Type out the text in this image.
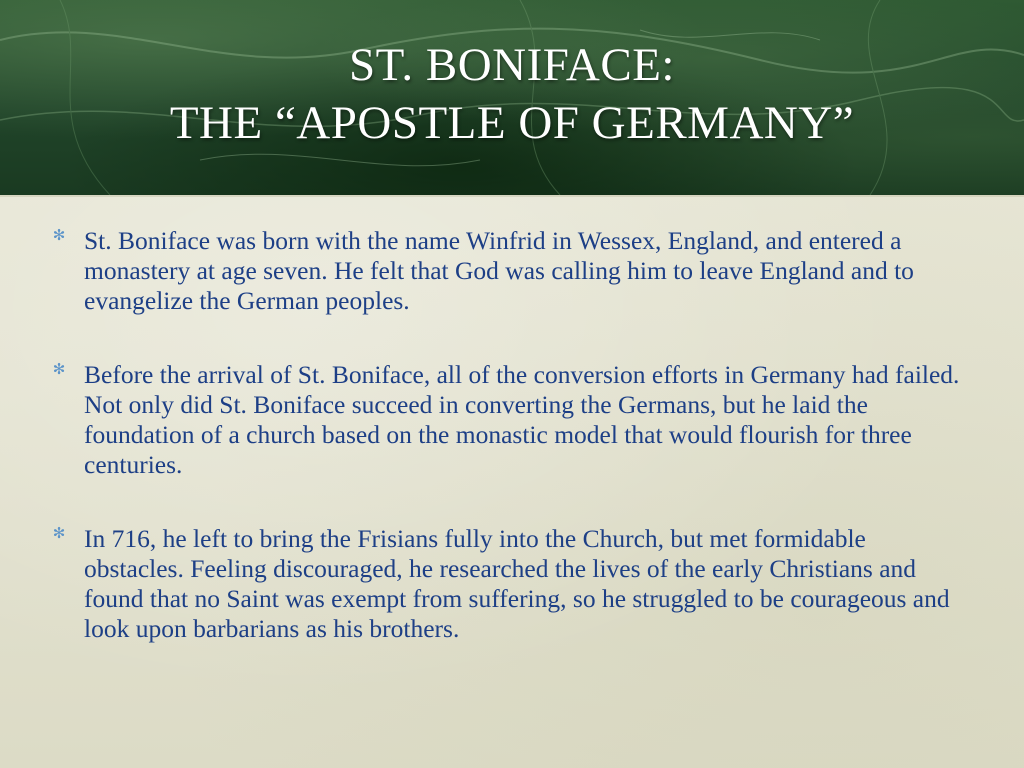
ST. BONIFACE:
THE “APOSTLE OF GERMANY”
✻ St. Boniface was born with the name Winfrid in Wessex, England, and entered a monastery at age seven. He felt that God was calling him to leave England and to evangelize the German peoples.
✻ Before the arrival of St. Boniface, all of the conversion efforts in Germany had failed. Not only did St. Boniface succeed in converting the Germans, but he laid the foundation of a church based on the monastic model that would flourish for three centuries.
✻ In 716, he left to bring the Frisians fully into the Church, but met formidable obstacles. Feeling discouraged, he researched the lives of the early Christians and found that no Saint was exempt from suffering, so he struggled to be courageous and look upon barbarians as his brothers.
